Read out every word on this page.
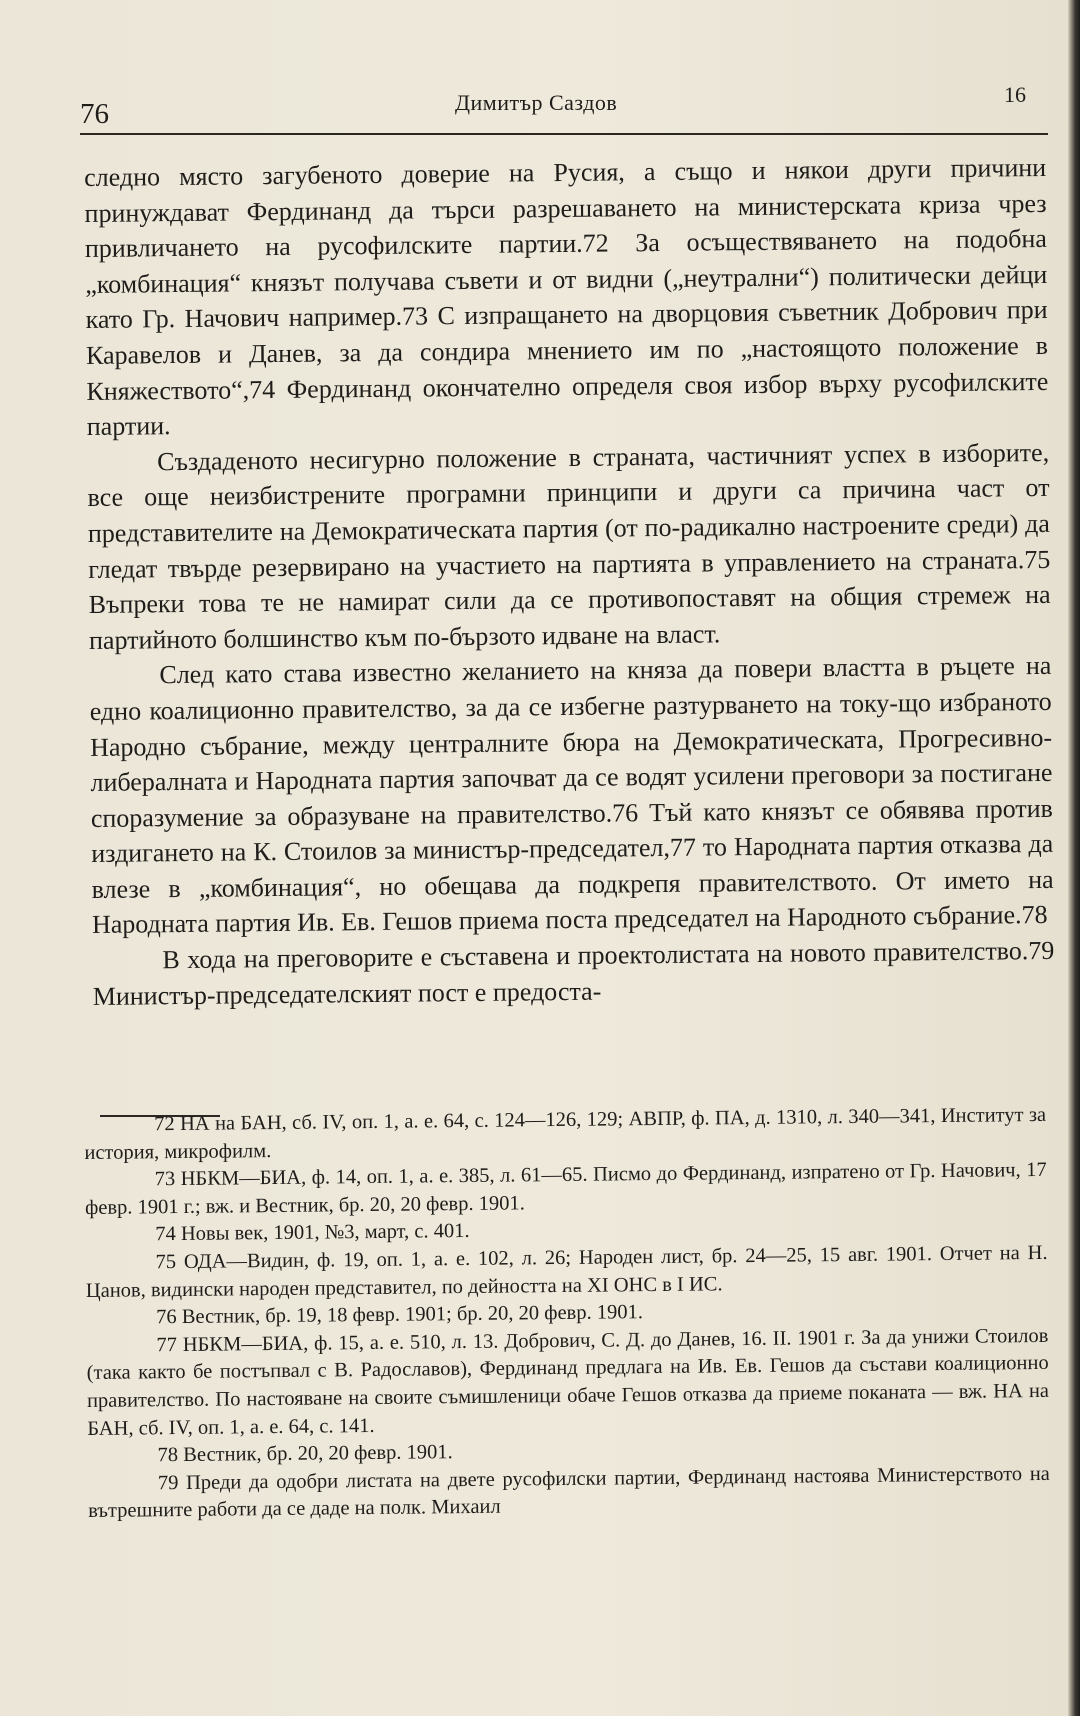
76	Димитър Саздов	16

следно място загубеното доверие на Русия, а също и някои други причини принуждават Фердинанд да търси разрешаването на министерската криза чрез привличането на русофилските партии.72 За осъществяването на подобна „комбинация“ князът получава съвети и от видни („неутрални“) политически дейци като Гр. Начович например.73 С изпращането на дворцовия съветник Добрович при Каравелов и Данев, за да сондира мнението им по „настоящото положение в Княжеството“,74 Фердинанд окончателно определя своя избор върху русофилските партии.

Създаденото несигурно положение в страната, частичният успех в изборите, все още неизбистрените програмни принципи и други са причина част от представителите на Демократическата партия (от по-радикално настроените среди) да гледат твърде резервирано на участието на партията в управлението на страната.75 Въпреки това те не намират сили да се противопоставят на общия стремеж на партийното болшинство към по-бързото идване на власт.

След като става известно желанието на княза да повери властта в ръцете на едно коалиционно правителство, за да се избегне разтурването на току-що избраното Народно събрание, между централните бюра на Демократическата, Прогресивно-либералната и Народната партия започват да се водят усилени преговори за постигане споразумение за образуване на правителство.76 Тъй като князът се обявява против издигането на К. Стоилов за министър-председател,77 то Народната партия отказва да влезе в „комбинация“, но обещава да подкрепя правителството. От името на Народната партия Ив. Ев. Гешов приема поста председател на Народното събрание.78

В хода на преговорите е съставена и проектолистата на новото правителство.79 Министър-председателският пост е предоста-

72 НА на БАН, сб. IV, оп. 1, а. е. 64, с. 124—126, 129; АВПР, ф. ПА, д. 1310, л. 340—341, Институт за история, микрофилм.

73 НБКМ—БИА, ф. 14, оп. 1, а. е. 385, л. 61—65. Писмо до Фердинанд, изпратено от Гр. Начович, 17 февр. 1901 г.; вж. и Вестник, бр. 20, 20 февр. 1901.

74 Новы век, 1901, №3, март, с. 401.

75 ОДА—Видин, ф. 19, оп. 1, а. е. 102, л. 26; Народен лист, бр. 24—25, 15 авг. 1901. Отчет на Н. Цанов, видински народен представител, по дейността на XI ОНС в I ИС.

76 Вестник, бр. 19, 18 февр. 1901; бр. 20, 20 февр. 1901.

77 НБКМ—БИА, ф. 15, а. е. 510, л. 13. Добрович, С. Д. до Данев, 16. II. 1901 г. За да унижи Стоилов (така както бе постъпвал с В. Радославов), Фердинанд предлага на Ив. Ев. Гешов да състави коалиционно правителство. По настояване на своите съмишленици обаче Гешов отказва да приеме поканата — вж. НА на БАН, сб. IV, оп. 1, а. е. 64, с. 141.

78 Вестник, бр. 20, 20 февр. 1901.

79 Преди да одобри листата на двете русофилски партии, Фердинанд настоява Министерството на вътрешните работи да се даде на полк. Михаил
